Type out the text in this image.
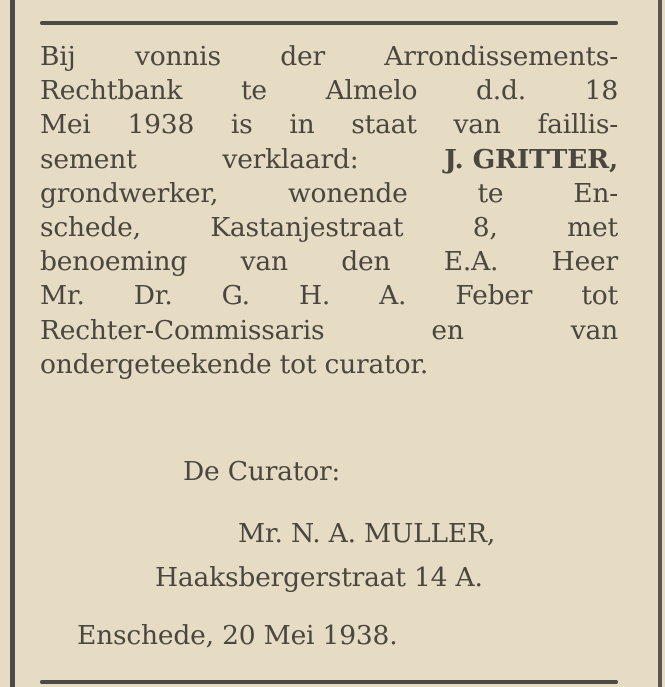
Bij vonnis der Arrondissements-
Rechtbank te Almelo d.d. 18
Mei 1938 is in staat van faillis-
sement	verklaard:	J. GRITTER,
grondwerker,	wonende	te	En-
schede,	Kastanjestraat	8,	met
benoeming van den E.A. Heer
Mr. Dr. G. H. A. Feber tot
Rechter-Commissaris	en	van
ondergeteekende tot curator.
De Curator:
Mr. N. A. MULLER,
Haaksbergerstraat 14 A.
Enschede, 20 Mei 1938.
